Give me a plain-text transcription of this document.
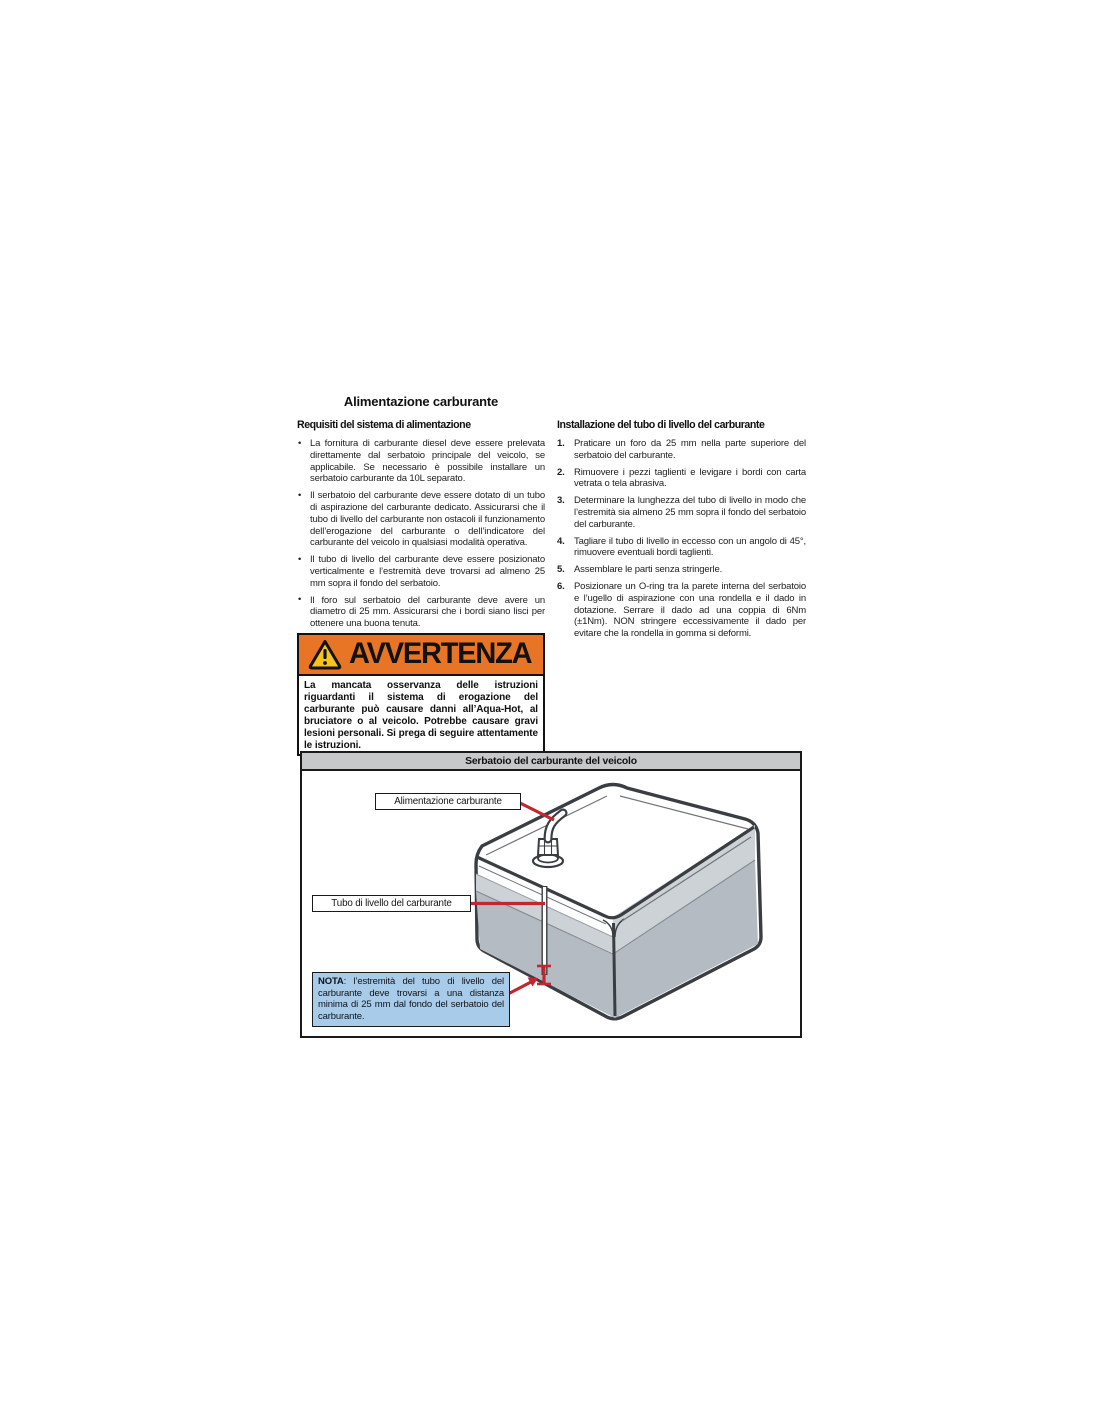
Alimentazione carburante
Requisiti del sistema di alimentazione
• La fornitura di carburante diesel deve essere prelevata direttamente dal serbatoio principale del veicolo, se applicabile. Se necessario è possibile installare un serbatoio carburante da 10L separato.
• Il serbatoio del carburante deve essere dotato di un tubo di aspirazione del carburante dedicato. Assicurarsi che il tubo di livello del carburante non ostacoli il funzionamento dell’erogazione del carburante o dell’indicatore del carburante del veicolo in qualsiasi modalità operativa.
• Il tubo di livello del carburante deve essere posizionato verticalmente e l’estremità deve trovarsi ad almeno 25 mm sopra il fondo del serbatoio.
• Il foro sul serbatoio del carburante deve avere un diametro di 25 mm. Assicurarsi che i bordi siano lisci per ottenere una buona tenuta.
Installazione del tubo di livello del carburante
1. Praticare un foro da 25 mm nella parte superiore del serbatoio del carburante.
2. Rimuovere i pezzi taglienti e levigare i bordi con carta vetrata o tela abrasiva.
3. Determinare la lunghezza del tubo di livello in modo che l’estremità sia almeno 25 mm sopra il fondo del serbatoio del carburante.
4. Tagliare il tubo di livello in eccesso con un angolo di 45°, rimuovere eventuali bordi taglienti.
5. Assemblare le parti senza stringerle.
6. Posizionare un O-ring tra la parete interna del serbatoio e l’ugello di aspirazione con una rondella e il dado in dotazione. Serrare il dado ad una coppia di 6Nm (±1Nm). NON stringere eccessivamente il dado per evitare che la rondella in gomma si deformi.
AVVERTENZA
La mancata osservanza delle istruzioni riguardanti il sistema di erogazione del carburante può causare danni all’Aqua-Hot, al bruciatore o al veicolo. Potrebbe causare gravi lesioni personali. Si prega di seguire attentamente le istruzioni.
Serbatoio del carburante del veicolo
Alimentazione carburante
Tubo di livello del carburante
NOTA: l’estremità del tubo di livello del carburante deve trovarsi a una distanza minima di 25 mm dal fondo del serbatoio del carburante.
